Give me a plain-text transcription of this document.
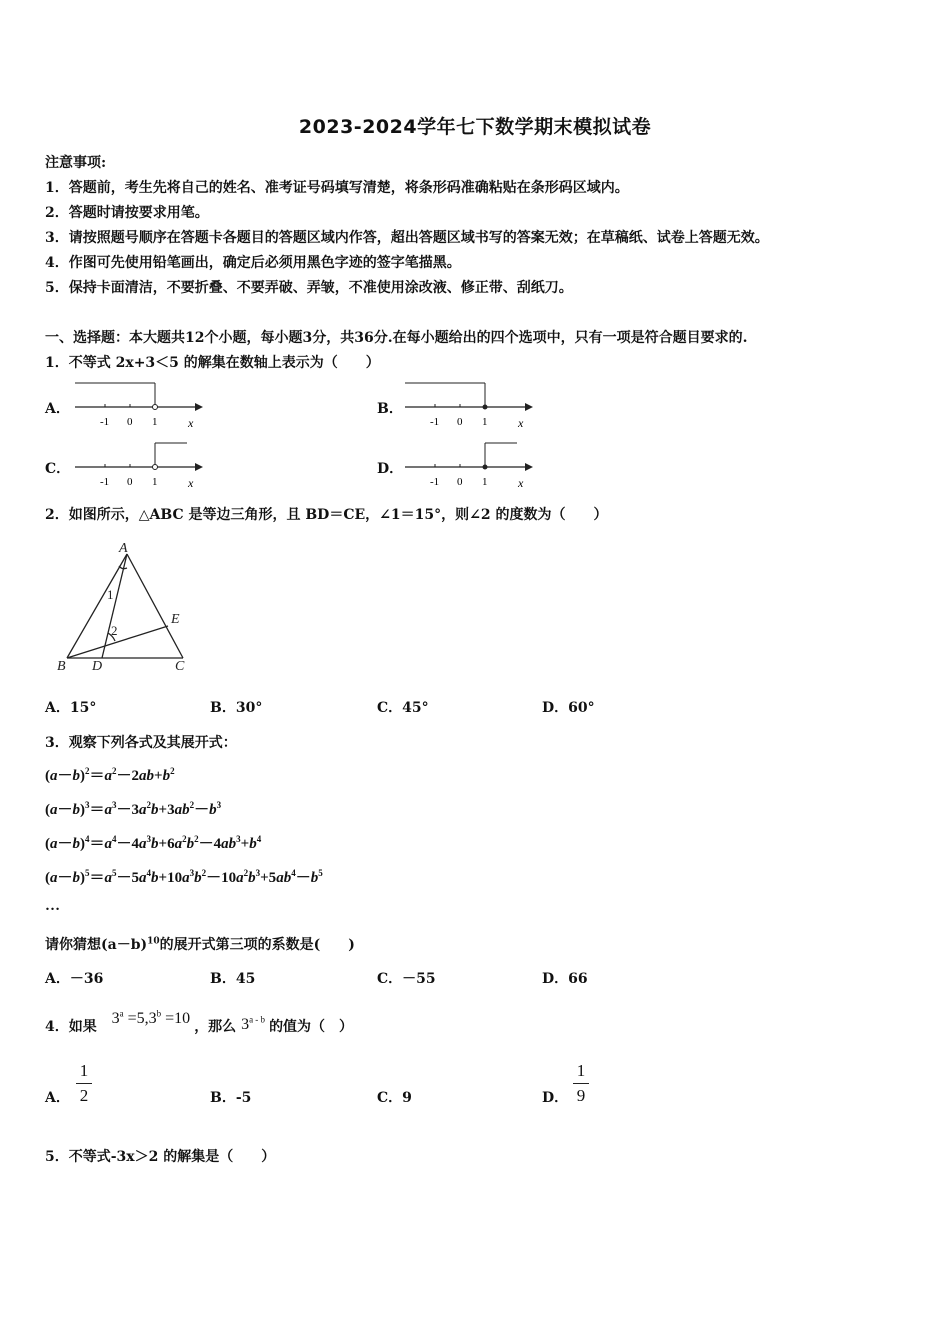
2023-2024学年七下数学期末模拟试卷
注意事项:
1．答题前，考生先将自己的姓名、准考证号码填写清楚，将条形码准确粘贴在条形码区域内。
2．答题时请按要求用笔。
3．请按照题号顺序在答题卡各题目的答题区域内作答，超出答题区域书写的答案无效；在草稿纸、试卷上答题无效。
4．作图可先使用铅笔画出，确定后必须用黑色字迹的签字笔描黑。
5．保持卡面清洁，不要折叠、不要弄破、弄皱，不准使用涂改液、修正带、刮纸刀。
一、选择题：本大题共12个小题，每小题3分，共36分.在每小题给出的四个选项中，只有一项是符合题目要求的.
1．不等式 2x+3＜5 的解集在数轴上表示为（　　）
A．
-1 0 1	x
B．
-1 0 1	x
C．
-1 0 1	x
D．
-1 0 1	x
2．如图所示，△ABC 是等边三角形，且 BD＝CE，∠1＝15°，则∠2 的度数为（　　）
A
B D	C
E
1
2
A．15°	B．30°	C．45°	D．60°
3．观察下列各式及其展开式：
$(a-b)^2=a^2-2ab+b^2$
$(a-b)^3=a^3-3a^2b+3ab^2-b^3$
$(a-b)^4=a^4-4a^3b+6a^2b^2-4ab^3+b^4$
$(a-b)^5=a^5-5a^4b+10a^3b^2-10a^2b^3+5ab^4-b^5$
…
请你猜想$(a-b)^{10}$的展开式第三项的系数是(　　)
A．－36	B．45	C．－55	D．66
4．如果 $3^a =5,3^b =10$ ，那么 3$^{a - b}$ 的值为（　）
A．
1
2	B．-5	C．9	D．
1
9
5．不等式-3x＞2 的解集是（　　）
